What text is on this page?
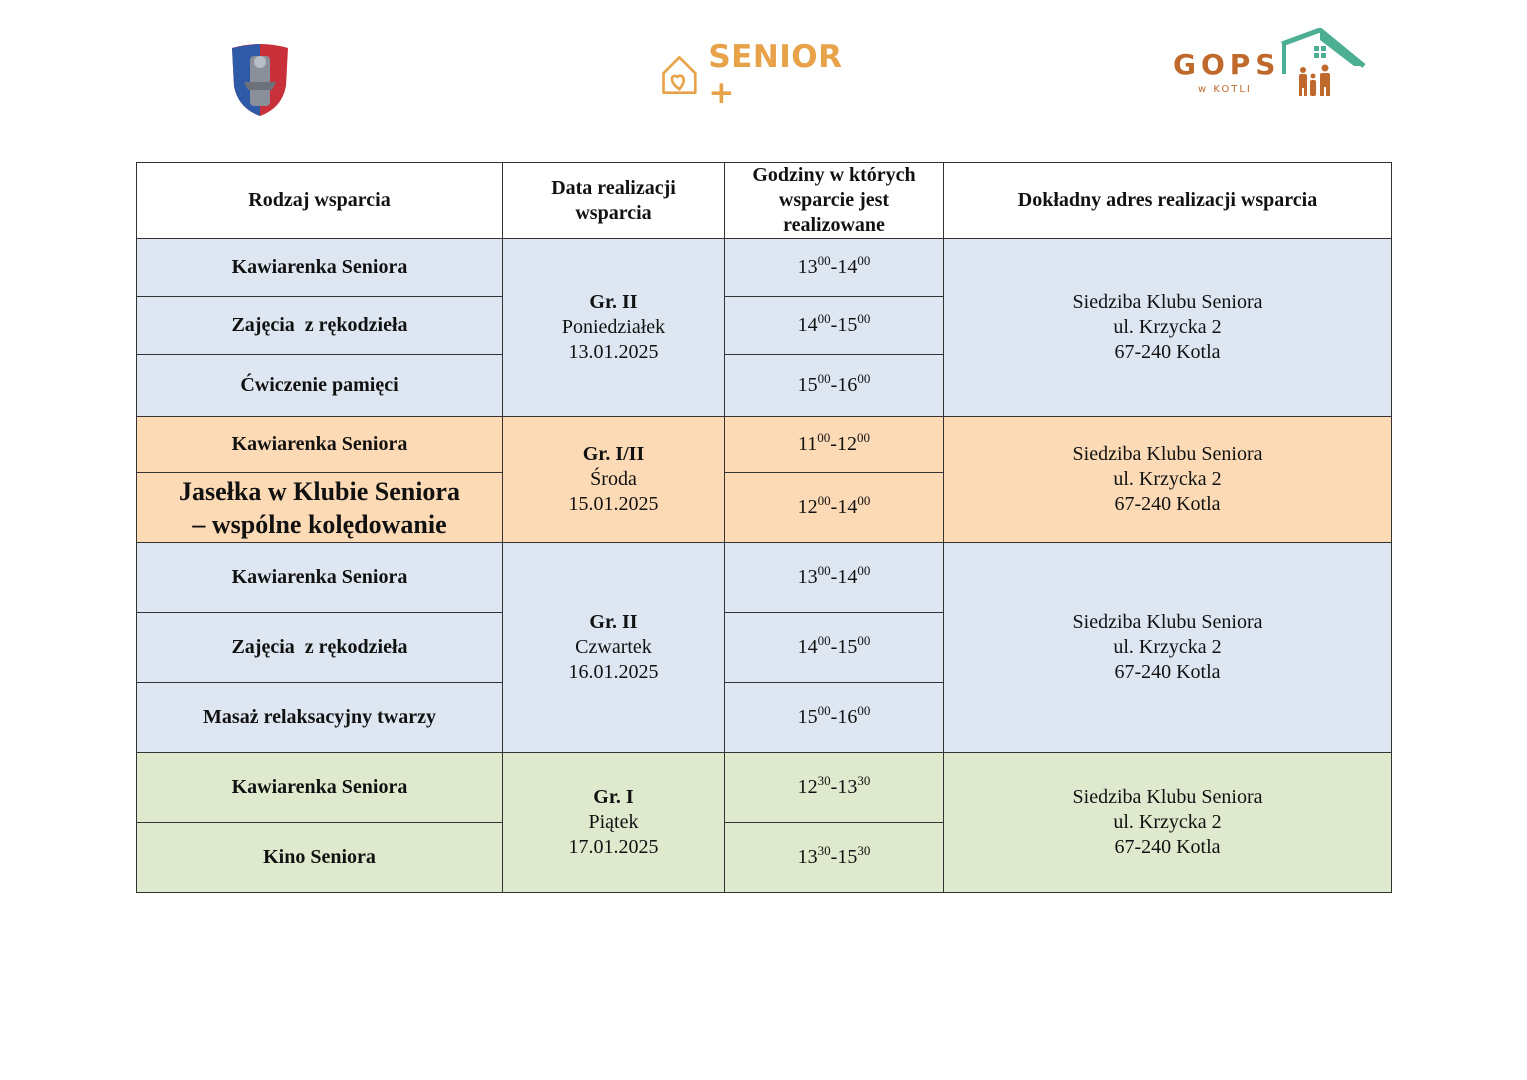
SENIOR +
GOPS
w KOTLI
Rodzaj wsparcia	Data realizacji wsparcia	Godziny w których wsparcie jest realizowane	Dokładny adres realizacji wsparcia
Kawiarenka Seniora	Gr. II
Poniedziałek
13.01.2025	$13^{00}-14^{00}$	Siedziba Klubu Seniora
ul. Krzycka 2
67-240 Kotla

Zajęcia  z rękodzieła		$14^{00}-15^{00}$
Ćwiczenie pamięci		$15^{00}-16^{00}$
Kawiarenka Seniora	Gr. I/II
Środa
15.01.2025	$11^{00}-12^{00}$	Siedziba Klubu Seniora
ul. Krzycka 2
67-240 Kotla

Jasełka w Klubie Seniora
– wspólne kolędowanie		$12^{00}-14^{00}$
Kawiarenka Seniora	Gr. II
Czwartek
16.01.2025	$13^{00}-14^{00}$	Siedziba Klubu Seniora
ul. Krzycka 2
67-240 Kotla

Zajęcia  z rękodzieła		$14^{00}-15^{00}$
Masaż relaksacyjny twarzy		$15^{00}-16^{00}$
Kawiarenka Seniora	Gr. I
Piątek
17.01.2025	$12^{30}-13^{30}$	Siedziba Klubu Seniora
ul. Krzycka 2
67-240 Kotla

Kino Seniora		$13^{30}-15^{30}$
